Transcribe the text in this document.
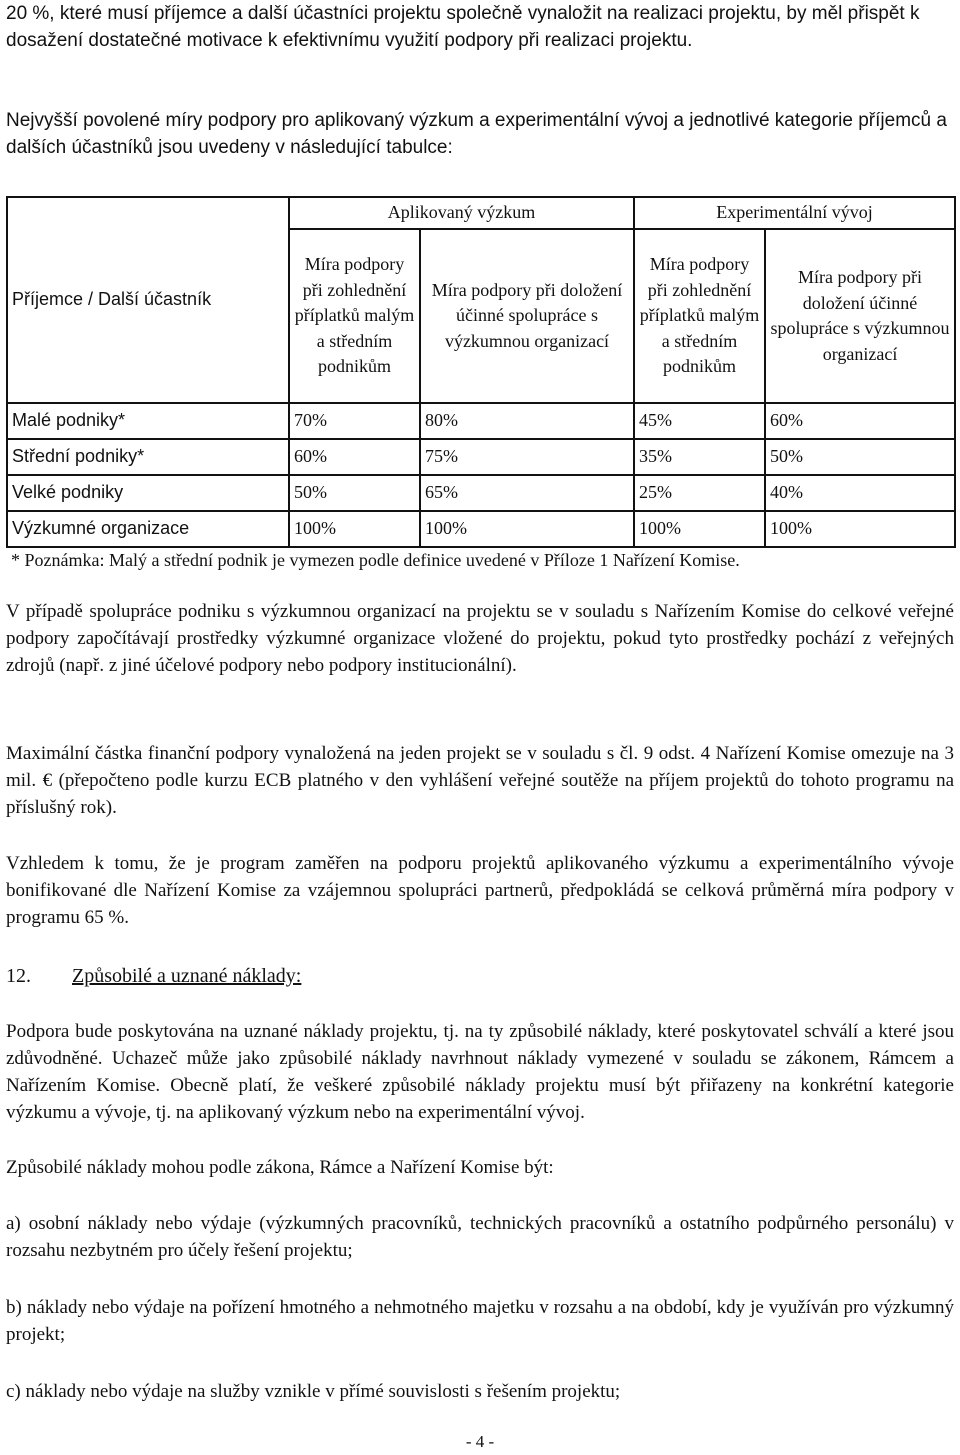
20 %, které musí příjemce a další účastníci projektu společně vynaložit na realizaci projektu, by měl přispět k dosažení dostatečné motivace k efektivnímu využití podpory při realizaci projektu.

Nejvyšší povolené míry podpory pro aplikovaný výzkum a experimentální vývoj a jednotlivé kategorie příjemců a dalších účastníků jsou uvedeny v následující tabulce:

Příjemce / Další účastník	Aplikovaný výzkum		Experimentální vývoj	
	Míra podpory při zohlednění příplatků malým a středním podnikům	Míra podpory při doložení účinné spolupráce s výzkumnou organizací	Míra podpory při zohlednění příplatků malým a středním podnikům	Míra podpory při doložení účinné spolupráce s výzkumnou organizací
Malé podniky*	70%	80%	45%	60%
Střední podniky*	60%	75%	35%	50%
Velké podniky	50%	65%	25%	40%
Výzkumné organizace	100%	100%	100%	100%
* Poznámka: Malý a střední podnik je vymezen podle definice uvedené v Příloze 1 Nařízení Komise.				

V případě spolupráce podniku s výzkumnou organizací na projektu se v souladu s Nařízením Komise do celkové veřejné podpory započítávají prostředky výzkumné organizace vložené do projektu, pokud tyto prostředky pochází z veřejných zdrojů (např. z jiné účelové podpory nebo podpory institucionální).

Maximální částka finanční podpory vynaložená na jeden projekt se v souladu s čl. 9 odst. 4 Nařízení Komise omezuje na 3 mil. € (přepočteno podle kurzu ECB platného v den vyhlášení veřejné soutěže na příjem projektů do tohoto programu na příslušný rok).

Vzhledem k tomu, že je program zaměřen na podporu projektů aplikovaného výzkumu a experimentálního vývoje bonifikované dle Nařízení Komise za vzájemnou spolupráci partnerů, předpokládá se celková průměrná míra podpory v programu 65 %.

12. Způsobilé a uznané náklady:

Podpora bude poskytována na uznané náklady projektu, tj. na ty způsobilé náklady, které poskytovatel schválí a které jsou zdůvodněné. Uchazeč může jako způsobilé náklady navrhnout náklady vymezené v souladu se zákonem, Rámcem a Nařízením Komise. Obecně platí, že veškeré způsobilé náklady projektu musí být přiřazeny na konkrétní kategorie výzkumu a vývoje, tj. na aplikovaný výzkum nebo na experimentální vývoj.

Způsobilé náklady mohou podle zákona, Rámce a Nařízení Komise být:

a) osobní náklady nebo výdaje (výzkumných pracovníků, technických pracovníků a ostatního podpůrného personálu) v rozsahu nezbytném pro účely řešení projektu;

b) náklady nebo výdaje na pořízení hmotného a nehmotného majetku v rozsahu a na období, kdy je využíván pro výzkumný projekt;

c) náklady nebo výdaje na služby vznikle v přímé souvislosti s řešením projektu;

- 4 -
